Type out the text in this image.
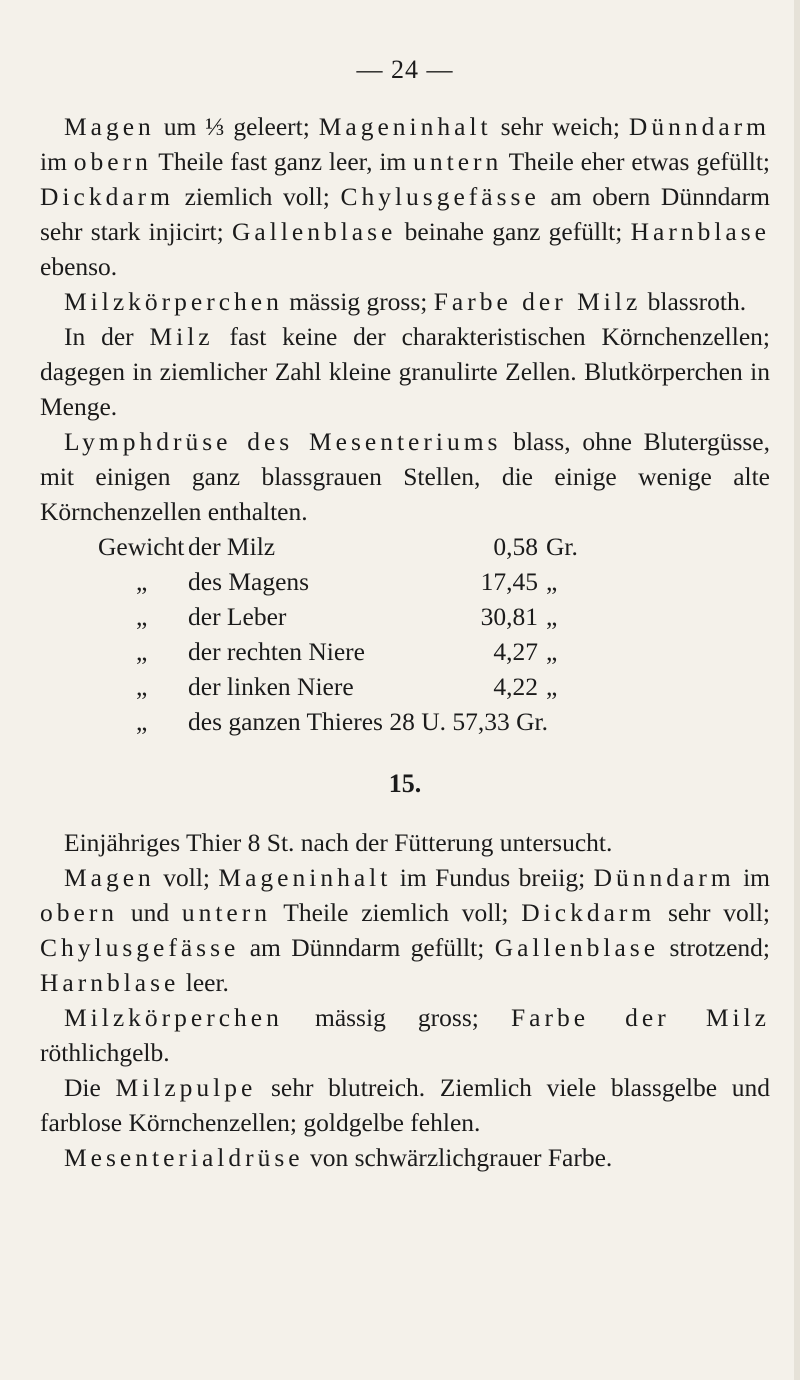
— 24 —

Magen um ⅓ geleert; Mageninhalt sehr weich; Dünndarm im obern Theile fast ganz leer, im untern Theile eher etwas gefüllt; Dickdarm ziemlich voll; Chylusgefässe am obern Dünndarm sehr stark injicirt; Gallenblase beinahe ganz gefüllt; Harnblase ebenso.

Milzkörperchen mässig gross; Farbe der Milz blassroth.

In der Milz fast keine der charakteristischen Körnchenzellen; dagegen in ziemlicher Zahl kleine granulirte Zellen. Blutkörperchen in Menge.

Lymphdrüse des Mesenteriums blass, ohne Blutergüsse, mit einigen ganz blassgrauen Stellen, die einige wenige alte Körnchenzellen enthalten.

Gewicht der Milz	0,58 Gr.
„ des Magens	17,45 „
„ der Leber	30,81 „
„ der rechten Niere	4,27 „
„ der linken Niere	4,22 „
„ des ganzen Thieres 28 U. 57,33 Gr.
15.

Einjähriges Thier 8 St. nach der Fütterung untersucht.

Magen voll; Mageninhalt im Fundus breiig; Dünndarm im obern und untern Theile ziemlich voll; Dickdarm sehr voll; Chylusgefässe am Dünndarm gefüllt; Gallenblase strotzend; Harnblase leer.

Milzkörperchen mässig gross; Farbe der Milz röthlichgelb.

Die Milzpulpe sehr blutreich. Ziemlich viele blassgelbe und farblose Körnchenzellen; goldgelbe fehlen.

Mesenterialdrüse von schwärzlichgrauer Farbe.
